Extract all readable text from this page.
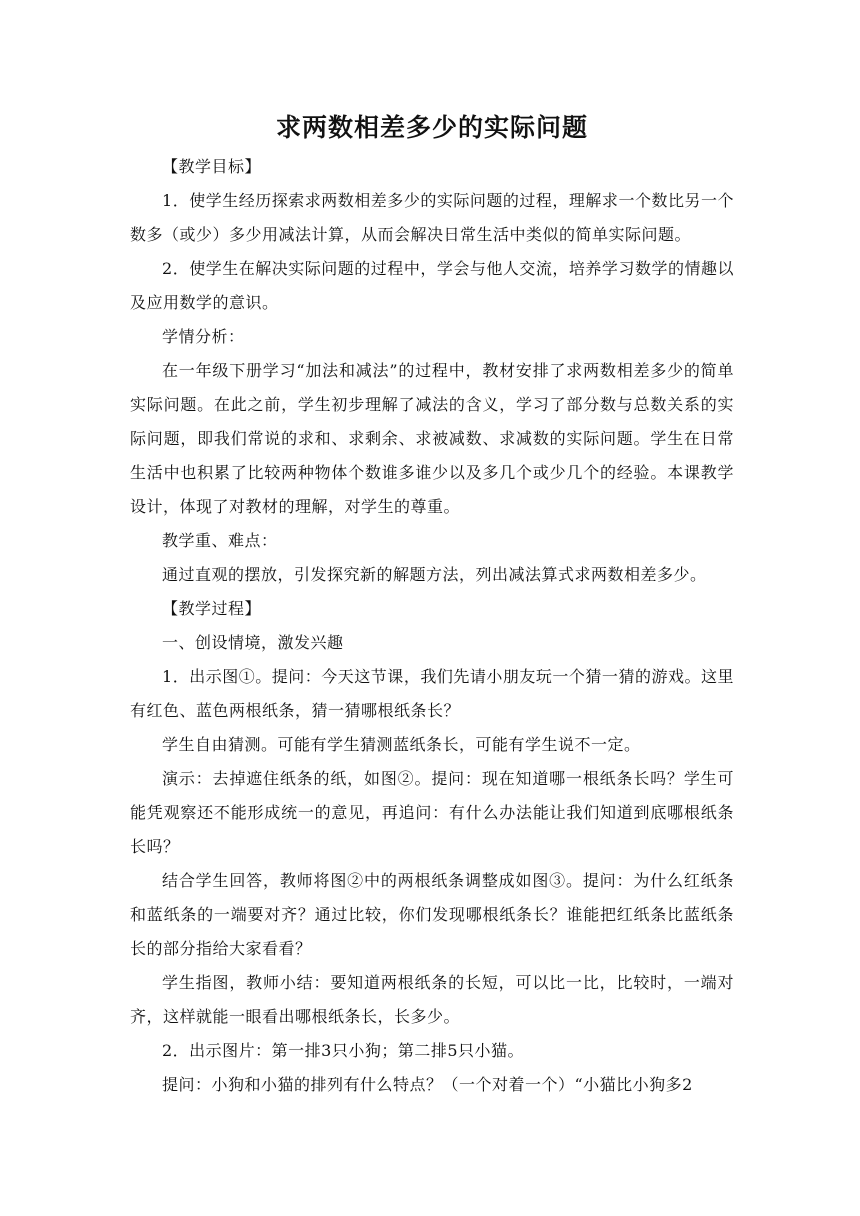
求两数相差多少的实际问题

【教学目标】

1．使学生经历探索求两数相差多少的实际问题的过程，理解求一个数比另一个数多（或少）多少用减法计算，从而会解决日常生活中类似的简单实际问题。

2．使学生在解决实际问题的过程中，学会与他人交流，培养学习数学的情趣以及应用数学的意识。

学情分析：

在一年级下册学习“加法和减法”的过程中，教材安排了求两数相差多少的简单实际问题。在此之前，学生初步理解了减法的含义，学习了部分数与总数关系的实际问题，即我们常说的求和、求剩余、求被减数、求减数的实际问题。学生在日常生活中也积累了比较两种物体个数谁多谁少以及多几个或少几个的经验。本课教学设计，体现了对教材的理解，对学生的尊重。

教学重、难点：

通过直观的摆放，引发探究新的解题方法，列出减法算式求两数相差多少。

【教学过程】

一、创设情境，激发兴趣

1．出示图①。提问：今天这节课，我们先请小朋友玩一个猜一猜的游戏。这里有红色、蓝色两根纸条，猜一猜哪根纸条长？

学生自由猜测。可能有学生猜测蓝纸条长，可能有学生说不一定。

演示：去掉遮住纸条的纸，如图②。提问：现在知道哪一根纸条长吗？学生可能凭观察还不能形成统一的意见，再追问：有什么办法能让我们知道到底哪根纸条长吗？

结合学生回答，教师将图②中的两根纸条调整成如图③。提问：为什么红纸条和蓝纸条的一端要对齐？通过比较，你们发现哪根纸条长？谁能把红纸条比蓝纸条长的部分指给大家看看？

学生指图，教师小结：要知道两根纸条的长短，可以比一比，比较时，一端对齐，这样就能一眼看出哪根纸条长，长多少。

2．出示图片：第一排3只小狗；第二排5只小猫。

提问：小狗和小猫的排列有什么特点？（一个对着一个）“小猫比小狗多2
